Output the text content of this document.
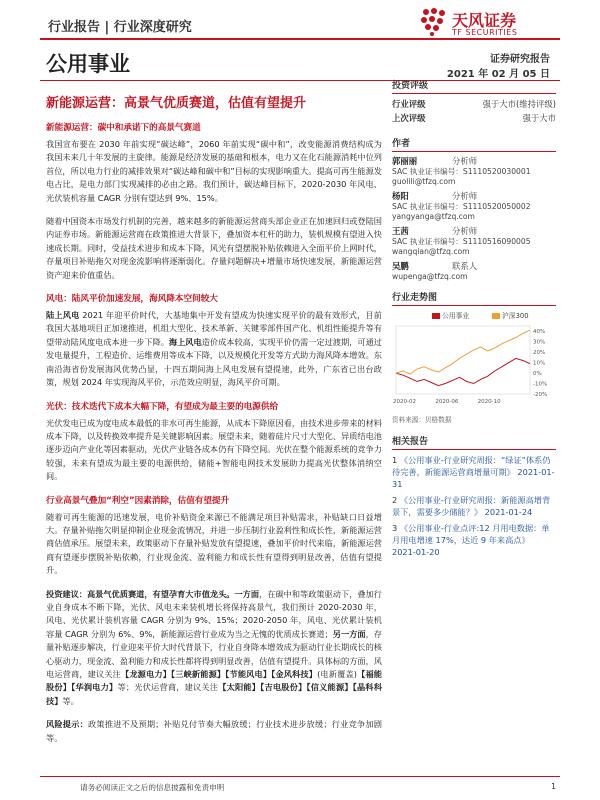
行业报告 | 行业深度研究	天风证券
TF SECURITIES
公用事业	证券研究报告
2021 年 02 月 05 日
新能源运营：高景气优质赛道，估值有望提升
新能源运营：碳中和承诺下的高景气赛道

我国宣布要在 2030 年前实现“碳达峰”，2060 年前实现“碳中和”，改变能源消费结构成为我国未来几十年发展的主旋律。能源是经济发展的基础和根本，电力又在化石能源消耗中位列首位，所以电力行业的减排效果对“碳达峰和碳中和”目标的实现影响重大。提高可再生能源发电占比，是电力部门实现减排的必由之路。我们预计，碳达峰目标下，2020-2030 年风电、光伏装机容量 CAGR 分别有望达到 9%、15%。

随着中国资本市场发行机制的完善，越来越多的新能源运营商头部企业正在加速回归或登陆国内证券市场。新能源运营商在政策推进大背景下，叠加资本杠杆的助力，装机规模有望进入快速成长期。同时，受益技术进步和成本下降，风光有望摆脱补贴依赖进入全面平价上网时代，存量项目补贴拖欠对现金流影响将逐渐弱化。存量问题解决+增量市场快速发展，新能源运营资产迎来价值重估。

风电：陆风平价加速发展，海风降本空间较大

陆上风电 2021 年迎平价时代，大基地集中开发有望成为快速实现平价的最有效形式，目前我国大基地项目正加速推进，机组大型化、技术革新、关键零部件国产化、机组性能提升等有望带动陆风度电成本进一步下降。海上风电造价成本较高，实现平价仍需一定过渡期，可通过发电量提升，工程造价、运维费用等成本下降，以及规模化开发等方式助力海风降本增效。东南沿海省份发展海风优势凸显，十四五期间海上风电发展有望提速，此外，广东省已出台政策，规划 2024 年实现海风平价，示范效应明显，海风平价可期。

光伏：技术迭代下成本大幅下降，有望成为最主要的电源供给

光伏发电已成为度电成本最低的非水可再生能源，从成本下降原因看，由技术进步带来的材料成本下降，以及转换效率提升是关键影响因素。展望未来，随着硅片尺寸大型化、异质结电池逐步迈向产业化等因素驱动，光伏产业链各成本仍有下降空间。光伏在整个能源系统的竞争力较强，未来有望成为最主要的电源供给，储能+智能电网技术发展助力提高光伏整体消纳空间。

行业高景气叠加“利空”因素消除，估值有望提升

随着可再生能源的迅速发展，电价补贴资金来源已不能满足项目补贴需求，补贴缺口日益增大。存量补贴拖欠明显抑制企业现金流情况，并进一步压制行业盈利性和成长性，新能源运营商估值承压。展望未来，政策驱动下存量补贴发放有望提速，叠加平价时代来临，新能源运营商有望逐步摆脱补贴依赖，行业现金流、盈利能力和成长性有望得到明显改善，估值有望提升。

投资建议：高景气优质赛道，有望孕育大市值龙头。一方面，在碳中和等政策驱动下，叠加行业自身成本不断下降，光伏、风电未来装机增长将保持高景气，我们预计 2020-2030 年，风电、光伏累计装机容量 CAGR 分别为 9%、15%；2020-2050 年，风电、光伏累计装机容量 CAGR 分别为 6%、9%，新能源运营行业成为当之无愧的优质成长赛道；另一方面，存量补贴逐步解决，行业迎来平价大时代背景下，行业自身降本增效成为驱动行业长期成长的核心驱动力，现金流、盈利能力和成长性都将得到明显改善，估值有望提升。具体标的方面，风电运营商，建议关注【龙源电力】【三峡新能源】【节能风电】【金风科技】(电新覆盖)【福能股份】【华润电力】等；光伏运营商，建议关注【太阳能】【吉电股份】【信义能源】【晶科科技】等。

风险提示：政策推进不及预期；补贴兑付节奏大幅放缓；行业技术进步放缓；行业竞争加剧等。

投资评级
行业评级	强于大市(维持评级)
上次评级	强于大市
作者
郭丽丽	分析师
SAC 执业证书编号：S1110520030001
guolili@tfzq.com
杨阳	分析师
SAC 执业证书编号：S1110520050002
yangyanga@tfzq.com
王茜	分析师
SAC 执业证书编号：S1110516090005
wangqian@tfzq.com
吴鹏	联系人
wupenga@tfzq.com
行业走势图
公用事业	沪深300
40%
30%
20%
10%
0%
-10%
-20%
2020-02	2020-06	2020-10
资料来源：贝格数据
相关报告
1 《公用事业-行业研究周报：“绿证”体系仍待完善，新能源运营商增量可期》 2021-01-31
2 《公用事业-行业研究周报：新能源高增背景下，需要多少储能？》 2021-01-24
3 《公用事业-行业点评:12 月用电数据：单月用电增速 17%，达近 9 年来高点》 2021-01-20
请务必阅读正文之后的信息披露和免责申明	1
